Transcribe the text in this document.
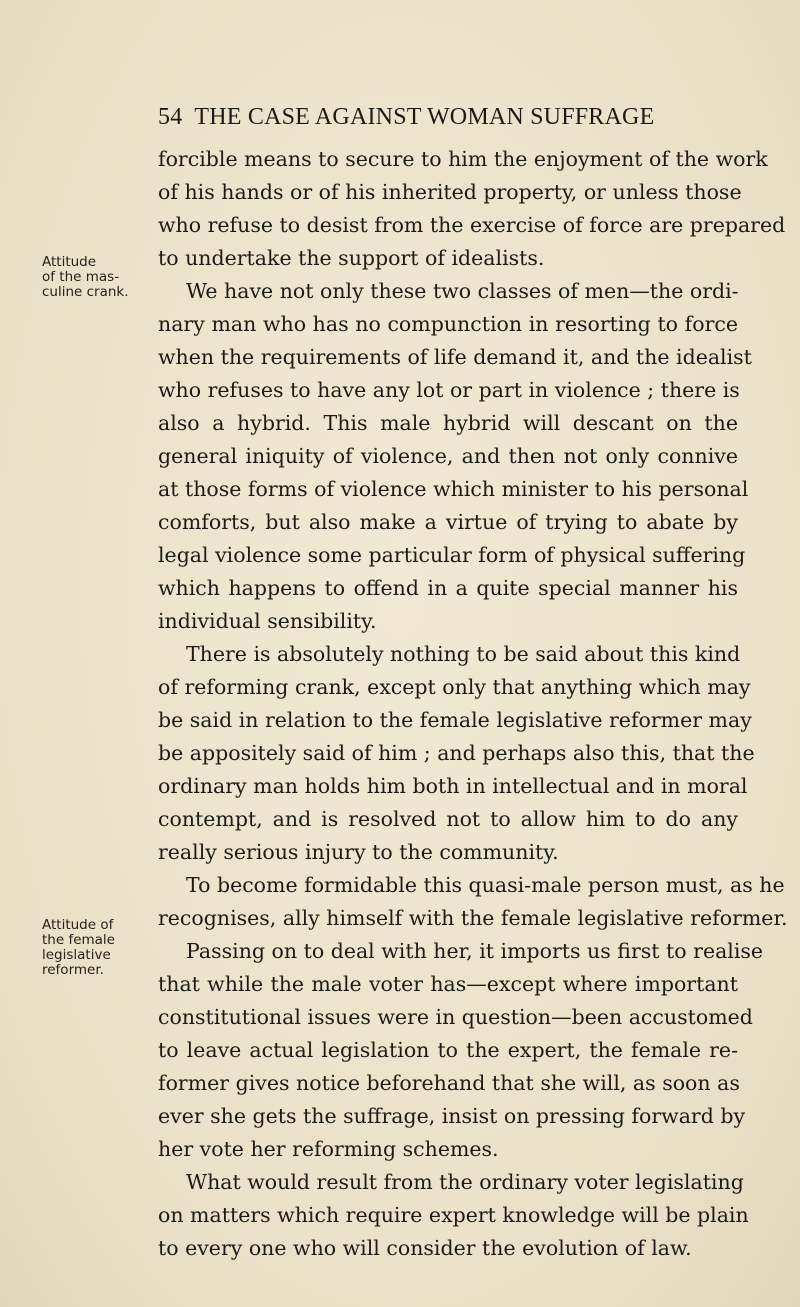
54 THE CASE AGAINST WOMAN SUFFRAGE
Attitude
of the mas-
culine crank.
Attitude of
the female
legislative
reformer.
forcible means to secure to him the enjoyment of the work
of his hands or of his inherited property, or unless those
who refuse to desist from the exercise of force are prepared
to undertake the support of idealists.
We have not only these two classes of men—the ordi-
nary man who has no compunction in resorting to force
when the requirements of life demand it, and the idealist
who refuses to have any lot or part in violence ; there is
also a hybrid. This male hybrid will descant on the
general iniquity of violence, and then not only connive
at those forms of violence which minister to his personal
comforts, but also make a virtue of trying to abate by
legal violence some particular form of physical suffering
which happens to offend in a quite special manner his
individual sensibility.
There is absolutely nothing to be said about this kind
of reforming crank, except only that anything which may
be said in relation to the female legislative reformer may
be appositely said of him ; and perhaps also this, that the
ordinary man holds him both in intellectual and in moral
contempt, and is resolved not to allow him to do any
really serious injury to the community.
To become formidable this quasi-male person must, as he
recognises, ally himself with the female legislative reformer.
Passing on to deal with her, it imports us first to realise
that while the male voter has—except where important
constitutional issues were in question—been accustomed
to leave actual legislation to the expert, the female re-
former gives notice beforehand that she will, as soon as
ever she gets the suffrage, insist on pressing forward by
her vote her reforming schemes.
What would result from the ordinary voter legislating
on matters which require expert knowledge will be plain
to every one who will consider the evolution of law.
